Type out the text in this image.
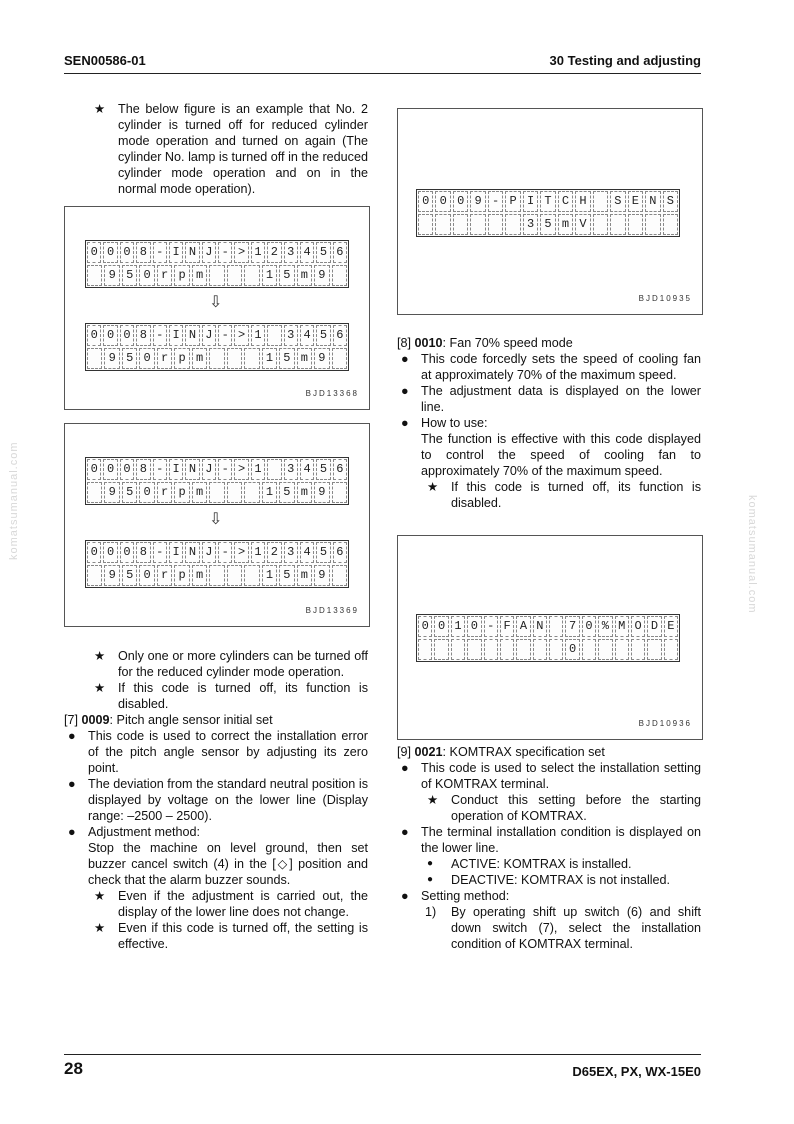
SEN00586-01	30 Testing and adjusting
komatsumanual.com	komatsumanual.com

★ The below figure is an example that No. 2 cylinder is turned off for reduced cylinder mode operation and turned on again (The cylinder No. lamp is turned off in the reduced cylinder mode operation and on in the normal mode operation).

0 0 0 8 - I N J - > 1 2 3 4 5 6

9 5 0 r p m

	1 5 m 9

⇩
0 0 0 8 - I N J - > 1
3 4 5 6

9 5 0 r p m

	1 5 m 9

BJD13368
0 0 0 8 - I N J - > 1
3 4 5 6

9 5 0 r p m

	1 5 m 9

⇩
0 0 0 8 - I N J - > 1 2 3 4 5 6

9 5 0 r p m

	1 5 m 9

BJD13369

★ Only one or more cylinders can be turned off for the reduced cylinder mode operation.

★ If this code is turned off, its function is disabled.

[7] 0009: Pitch angle sensor initial set

● This code is used to correct the installation error of the pitch angle sensor by adjusting its zero point.

● The deviation from the standard neutral position is displayed by voltage on the lower line (Display range: –2500 – 2500).

● Adjustment method:

Stop the machine on level ground, then set buzzer cancel switch (4) in the [◇] position and check that the alarm buzzer sounds.

★ Even if the adjustment is carried out, the display of the lower line does not change.

★ Even if this code is turned off, the setting is effective.

0 0 0 9 - P I T C H
	S E N S

3 5 m V

BJD10935

[8] 0010: Fan 70% speed mode

● This code forcedly sets the speed of cooling fan at approximately 70% of the maximum speed.

● The adjustment data is displayed on the lower line.

● How to use:

The function is effective with this code displayed to control the speed of cooling fan to approximately 70% of the maximum speed.

★ If this code is turned off, its function is disabled.

0 0 1 0 - F A N
7 0 % M O D E

0

BJD10936

[9] 0021: KOMTRAX specification set

● This code is used to select the installation setting of KOMTRAX terminal.

★ Conduct this setting before the starting operation of KOMTRAX.

● The terminal installation condition is displayed on the lower line.

● ACTIVE: KOMTRAX is installed.

● DEACTIVE: KOMTRAX is not installed.

● Setting method:

1) By operating shift up switch (6) and shift down switch (7), select the installation condition of KOMTRAX terminal.

28	D65EX, PX, WX-15E0
